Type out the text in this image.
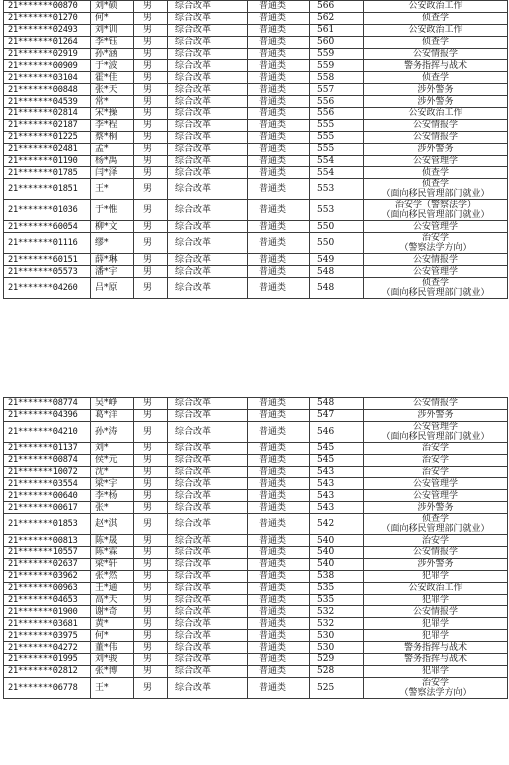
21*******00870	刘*硕	男	综合改革	普通类	566	公安政治工作
21*******01270	何*	男	综合改革	普通类	562	侦查学
21*******02493	刘*训	男	综合改革	普通类	561	公安政治工作
21*******01264	李*钰	男	综合改革	普通类	560	侦查学
21*******02919	孙*涵	男	综合改革	普通类	559	公安情报学
21*******00909	于*波	男	综合改革	普通类	559	警务指挥与战术
21*******03104	霍*佳	男	综合改革	普通类	558	侦查学
21*******00848	张*天	男	综合改革	普通类	557	涉外警务
21*******04539	常*	男	综合改革	普通类	556	涉外警务
21*******02814	宋*操	男	综合改革	普通类	556	公安政治工作
21*******02187	李*程	男	综合改革	普通类	555	公安情报学
21*******01225	蔡*桐	男	综合改革	普通类	555	公安情报学
21*******02481	孟*	男	综合改革	普通类	555	涉外警务
21*******01190	杨*禹	男	综合改革	普通类	554	公安管理学
21*******01785	闫*泽	男	综合改革	普通类	554	侦查学
21*******01851	王*	男	综合改革	普通类	553	侦查学
（面向移民管理部门就业）
21*******01036	于*惟	男	综合改革	普通类	553	治安学（警察法学）
（面向移民管理部门就业）
21*******60054	柳*文	男	综合改革	普通类	550	公安管理学
21*******01116	缪*	男	综合改革	普通类	550	治安学
（警察法学方向）
21*******60151	薛*琳	男	综合改革	普通类	549	公安情报学
21*******05573	潘*宇	男	综合改革	普通类	548	公安管理学
21*******04260	吕*原	男	综合改革	普通类	548	侦查学
（面向移民管理部门就业）
21*******08774	吴*峥	男	综合改革	普通类	548	公安情报学
21*******04396	葛*洋	男	综合改革	普通类	547	涉外警务
21*******04210	孙*涛	男	综合改革	普通类	546	公安管理学
（面向移民管理部门就业）
21*******01137	刘*	男	综合改革	普通类	545	治安学
21*******00874	侯*元	男	综合改革	普通类	545	治安学
21*******10072	沈*	男	综合改革	普通类	543	治安学
21*******03554	梁*宇	男	综合改革	普通类	543	公安管理学
21*******00640	李*杨	男	综合改革	普通类	543	公安管理学
21*******00617	张*	男	综合改革	普通类	543	涉外警务
21*******01853	赵*淇	男	综合改革	普通类	542	侦查学
（面向移民管理部门就业）
21*******00813	陈*晟	男	综合改革	普通类	540	治安学
21*******10557	陈*霖	男	综合改革	普通类	540	公安情报学
21*******02637	梁*轩	男	综合改革	普通类	540	涉外警务
21*******03962	张*然	男	综合改革	普通类	538	犯罪学
21*******00963	王*通	男	综合改革	普通类	535	公安政治工作
21*******04653	高*天	男	综合改革	普通类	535	犯罪学
21*******01900	谢*奇	男	综合改革	普通类	532	公安情报学
21*******03681	黄*	男	综合改革	普通类	532	犯罪学
21*******03975	何*	男	综合改革	普通类	530	犯罪学
21*******04272	董*伟	男	综合改革	普通类	530	警务指挥与战术
21*******01995	刘*骏	男	综合改革	普通类	529	警务指挥与战术
21*******02812	张*博	男	综合改革	普通类	528	犯罪学
21*******06778	王*	男	综合改革	普通类	525	治安学
（警察法学方向）
